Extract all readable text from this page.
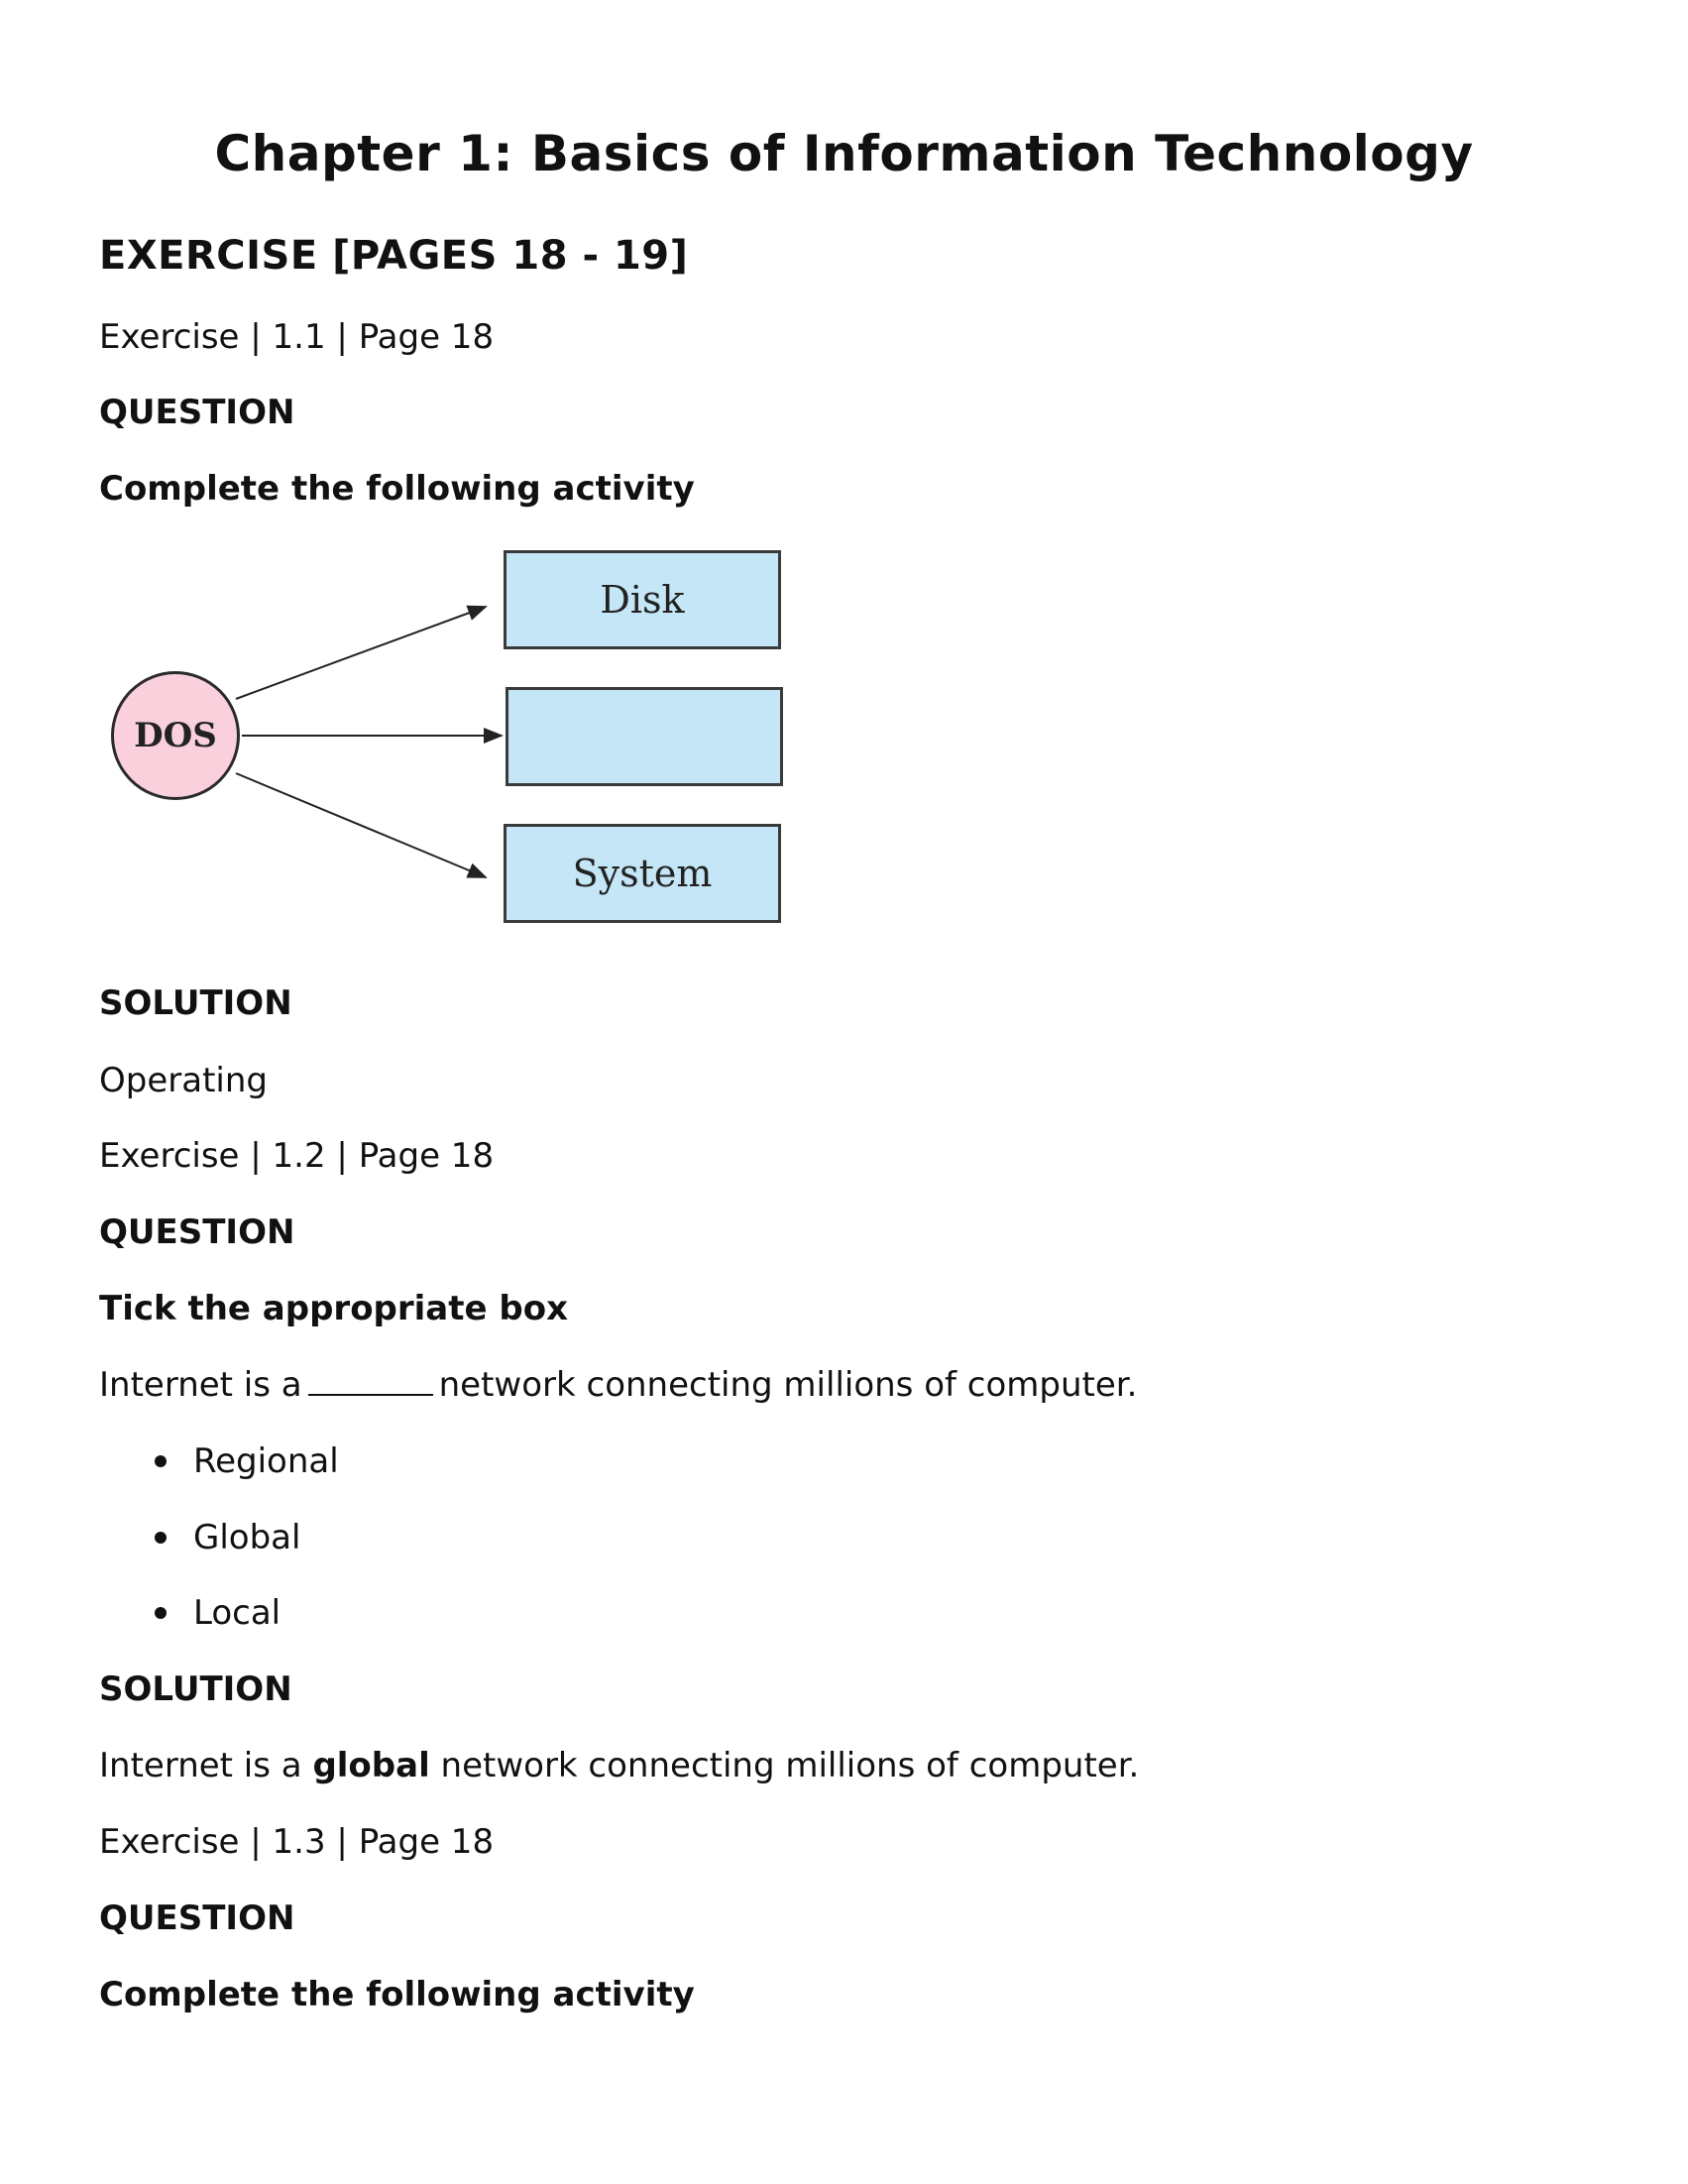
Chapter 1: Basics of Information Technology
EXERCISE [PAGES 18 - 19]
Exercise | 1.1 | Page 18
QUESTION
Complete the following activity
DOS
Disk
System
SOLUTION
Operating
Exercise | 1.2 | Page 18
QUESTION
Tick the appropriate box
Internet is a	network connecting millions of computer.
Regional
Global
Local
SOLUTION
Internet is a global network connecting millions of computer.
Exercise | 1.3 | Page 18
QUESTION
Complete the following activity
